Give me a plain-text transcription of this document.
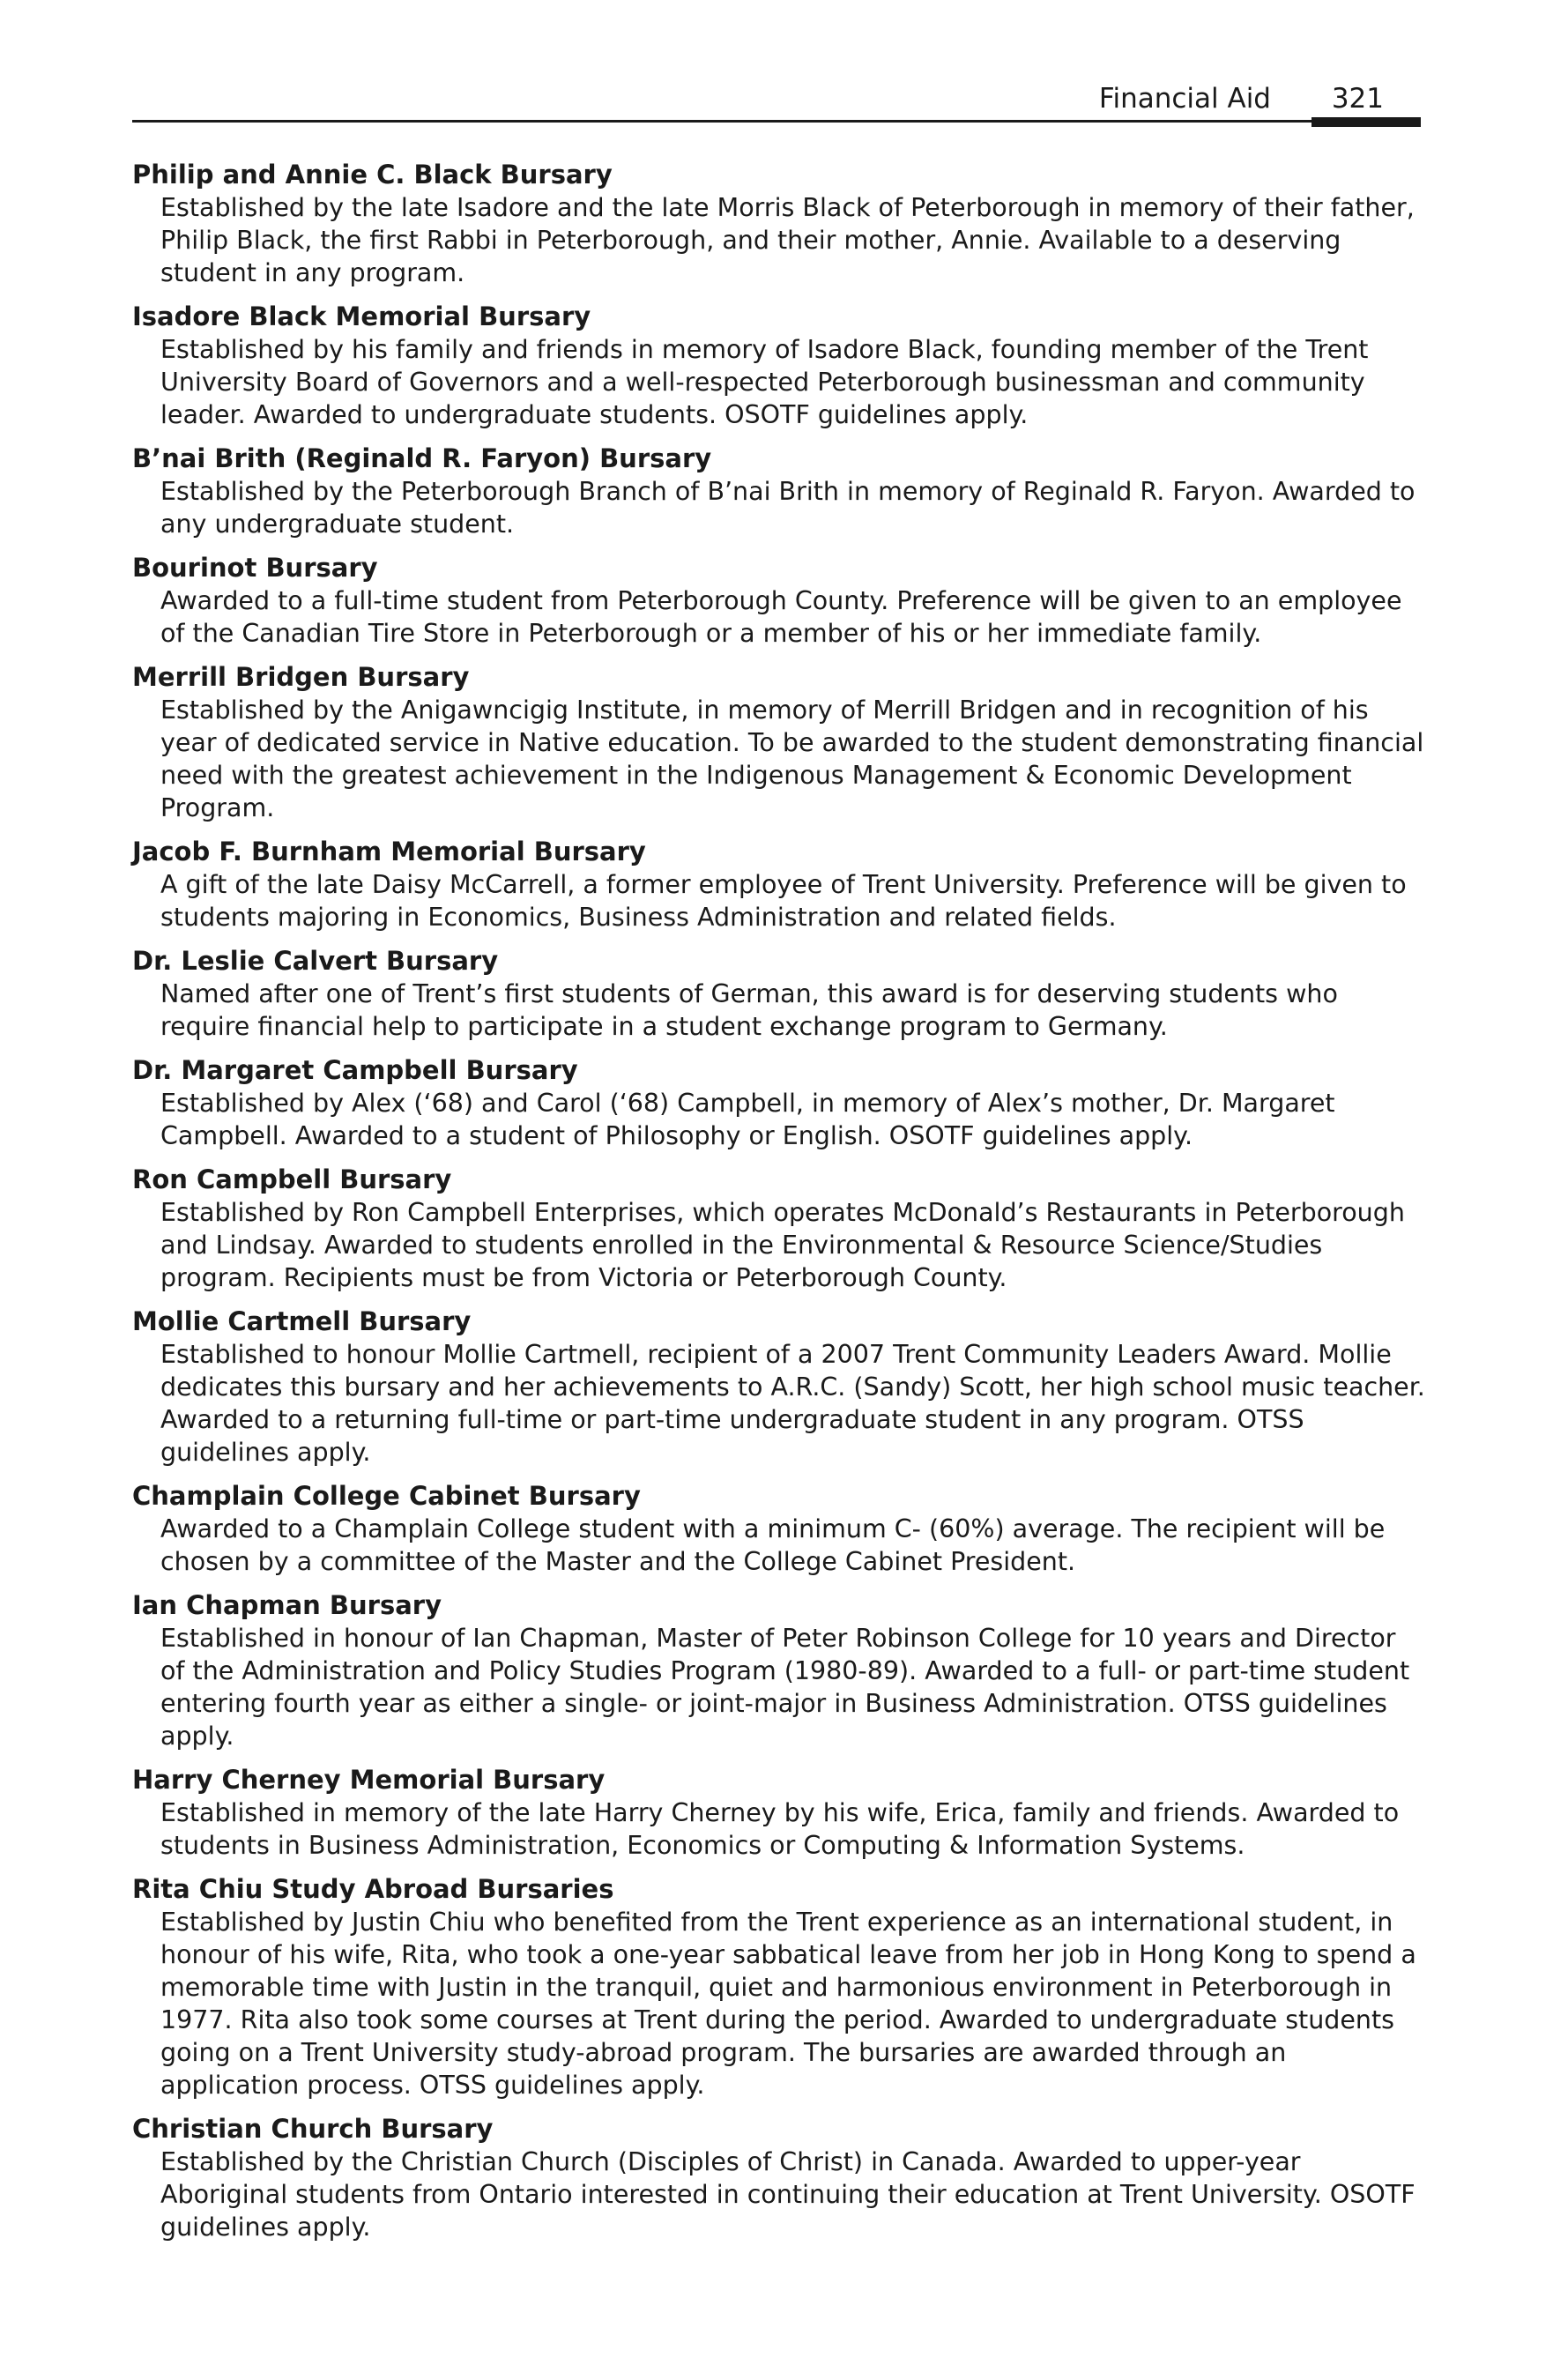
Financial Aid 321
Philip and Annie C. Black Bursary
Established by the late Isadore and the late Morris Black of Peterborough in memory of their father, Philip Black, the first Rabbi in Peterborough, and their mother, Annie. Available to a deserving student in any program.
Isadore Black Memorial Bursary
Established by his family and friends in memory of Isadore Black, founding member of the Trent University Board of Governors and a well-respected Peterborough businessman and community leader. Awarded to undergraduate students. OSOTF guidelines apply.
B’nai Brith (Reginald R. Faryon) Bursary
Established by the Peterborough Branch of B’nai Brith in memory of Reginald R. Faryon. Awarded to any undergraduate student.
Bourinot Bursary
Awarded to a full-time student from Peterborough County. Preference will be given to an employee of the Canadian Tire Store in Peterborough or a member of his or her immediate family.
Merrill Bridgen Bursary
Established by the Anigawncigig Institute, in memory of Merrill Bridgen and in recognition of his year of dedicated service in Native education. To be awarded to the student demonstrating financial need with the greatest achievement in the Indigenous Management & Economic Development Program.
Jacob F. Burnham Memorial Bursary
A gift of the late Daisy McCarrell, a former employee of Trent University. Preference will be given to students majoring in Economics, Business Administration and related fields.
Dr. Leslie Calvert Bursary
Named after one of Trent’s first students of German, this award is for deserving students who require financial help to participate in a student exchange program to Germany.
Dr. Margaret Campbell Bursary
Established by Alex (‘68) and Carol (‘68) Campbell, in memory of Alex’s mother, Dr. Margaret Campbell. Awarded to a student of Philosophy or English. OSOTF guidelines apply.
Ron Campbell Bursary
Established by Ron Campbell Enterprises, which operates McDonald’s Restaurants in Peterborough and Lindsay. Awarded to students enrolled in the Environmental & Resource Science/Studies program. Recipients must be from Victoria or Peterborough County.
Mollie Cartmell Bursary
Established to honour Mollie Cartmell, recipient of a 2007 Trent Community Leaders Award. Mollie dedicates this bursary and her achievements to A.R.C. (Sandy) Scott, her high school music teacher. Awarded to a returning full-time or part-time undergraduate student in any program. OTSS guidelines apply.
Champlain College Cabinet Bursary
Awarded to a Champlain College student with a minimum C- (60%) average. The recipient will be chosen by a committee of the Master and the College Cabinet President.
Ian Chapman Bursary
Established in honour of Ian Chapman, Master of Peter Robinson College for 10 years and Director of the Administration and Policy Studies Program (1980-89). Awarded to a full- or part-time student entering fourth year as either a single- or joint-major in Business Administration. OTSS guidelines apply.
Harry Cherney Memorial Bursary
Established in memory of the late Harry Cherney by his wife, Erica, family and friends. Awarded to students in Business Administration, Economics or Computing & Information Systems.
Rita Chiu Study Abroad Bursaries
Established by Justin Chiu who benefited from the Trent experience as an international student, in honour of his wife, Rita, who took a one-year sabbatical leave from her job in Hong Kong to spend a memorable time with Justin in the tranquil, quiet and harmonious environment in Peterborough in 1977. Rita also took some courses at Trent during the period. Awarded to undergraduate students going on a Trent University study-abroad program. The bursaries are awarded through an application process. OTSS guidelines apply.
Christian Church Bursary
Established by the Christian Church (Disciples of Christ) in Canada. Awarded to upper-year Aboriginal students from Ontario interested in continuing their education at Trent University. OSOTF guidelines apply.
